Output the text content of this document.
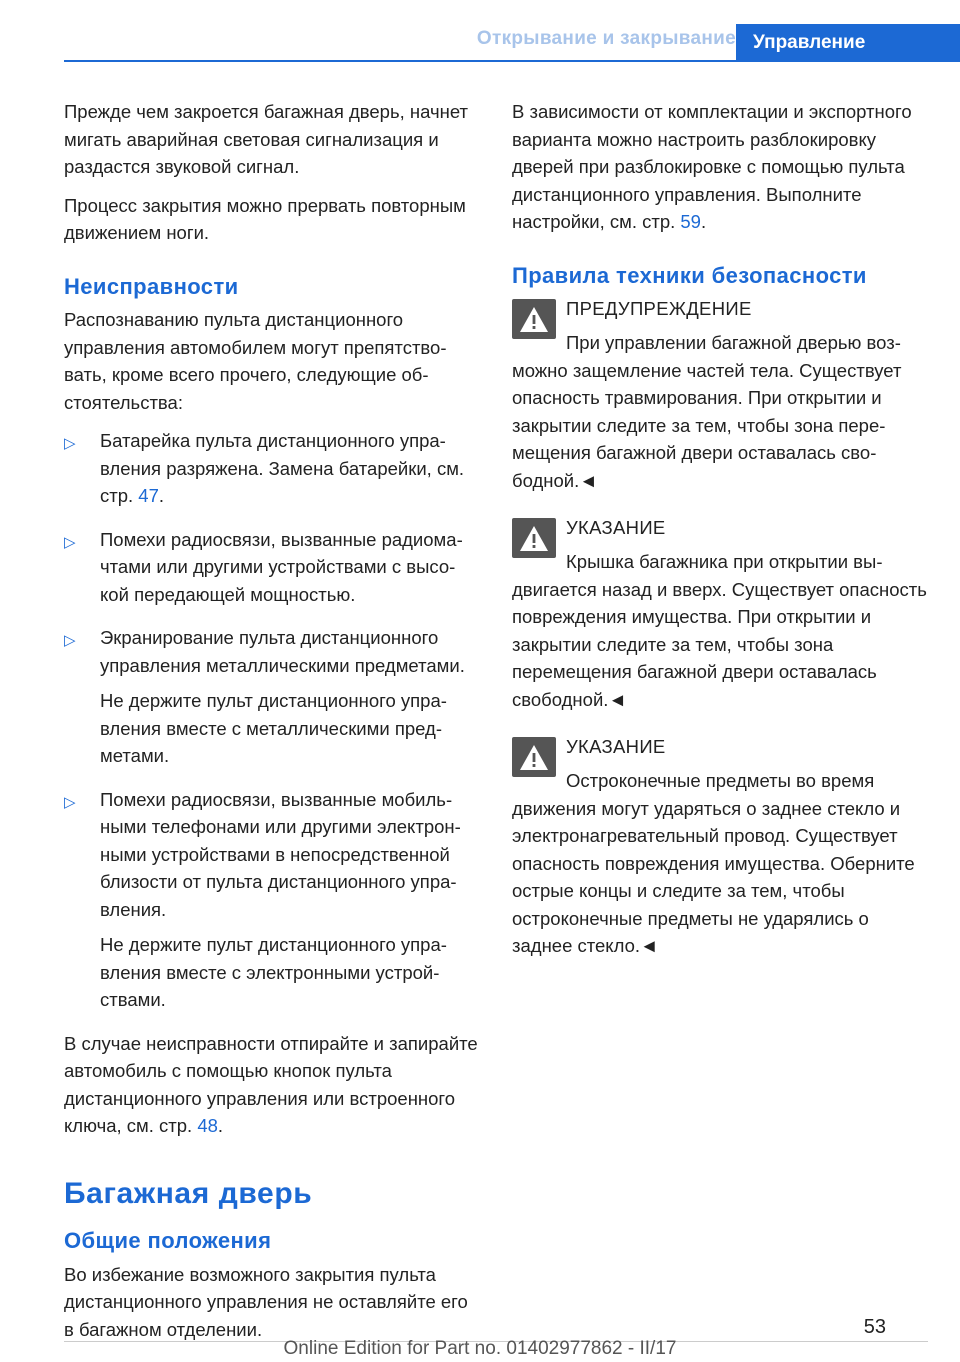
Открывание и закрывание Управление

Прежде чем закроется багажная дверь, начнет мигать аварийная световая сигнализация и раздастся звуковой сигнал.

Процесс закрытия можно прервать повторным движением ноги.

Неисправности

Распознаванию пульта дистанционного управления автомобилем могут препятствовать, кроме всего прочего, следующие обстоятельства:

▷ Батарейка пульта дистанционного управления разряжена. Замена батарейки, см. стр. 47.
▷ Помехи радиосвязи, вызванные радиомачтами или другими устройствами с высокой передающей мощностью.
▷ Экранирование пульта дистанционного управления металлическими предметами.

Не держите пульт дистанционного управления вместе с металлическими предметами.

▷ Помехи радиосвязи, вызванные мобильными телефонами или другими электронными устройствами в непосредственной близости от пульта дистанционного управления.

Не держите пульт дистанционного управления вместе с электронными устройствами.

В случае неисправности отпирайте и запирайте автомобиль с помощью кнопок пульта дистанционного управления или встроенного ключа, см. стр. 48.

Багажная дверь
Общие положения

Во избежание возможного закрытия пульта дистанционного управления не оставляйте его в багажном отделении.

В зависимости от комплектации и экспортного варианта можно настроить разблокировку дверей при разблокировке с помощью пульта дистанционного управления. Выполните настройки, см. стр. 59.

Правила техники безопасности
ПРЕДУПРЕЖДЕНИЕ
При управлении багажной дверью возможно защемление частей тела. Существует опасность травмирования. При открытии и закрытии следите за тем, чтобы зона перемещения багажной двери оставалась свободной.◄
УКАЗАНИЕ
Крышка багажника при открытии выдвигается назад и вверх. Существует опасность повреждения имущества. При открытии и закрытии следите за тем, чтобы зона перемещения багажной двери оставалась свободной.◄
УКАЗАНИЕ
Остроконечные предметы во время движения могут ударяться о заднее стекло и электронагревательный провод. Существует опасность повреждения имущества. Оберните острые концы и следите за тем, чтобы остроконечные предметы не ударялись о заднее стекло.◄
53
Online Edition for Part no. 01402977862 - II/17
